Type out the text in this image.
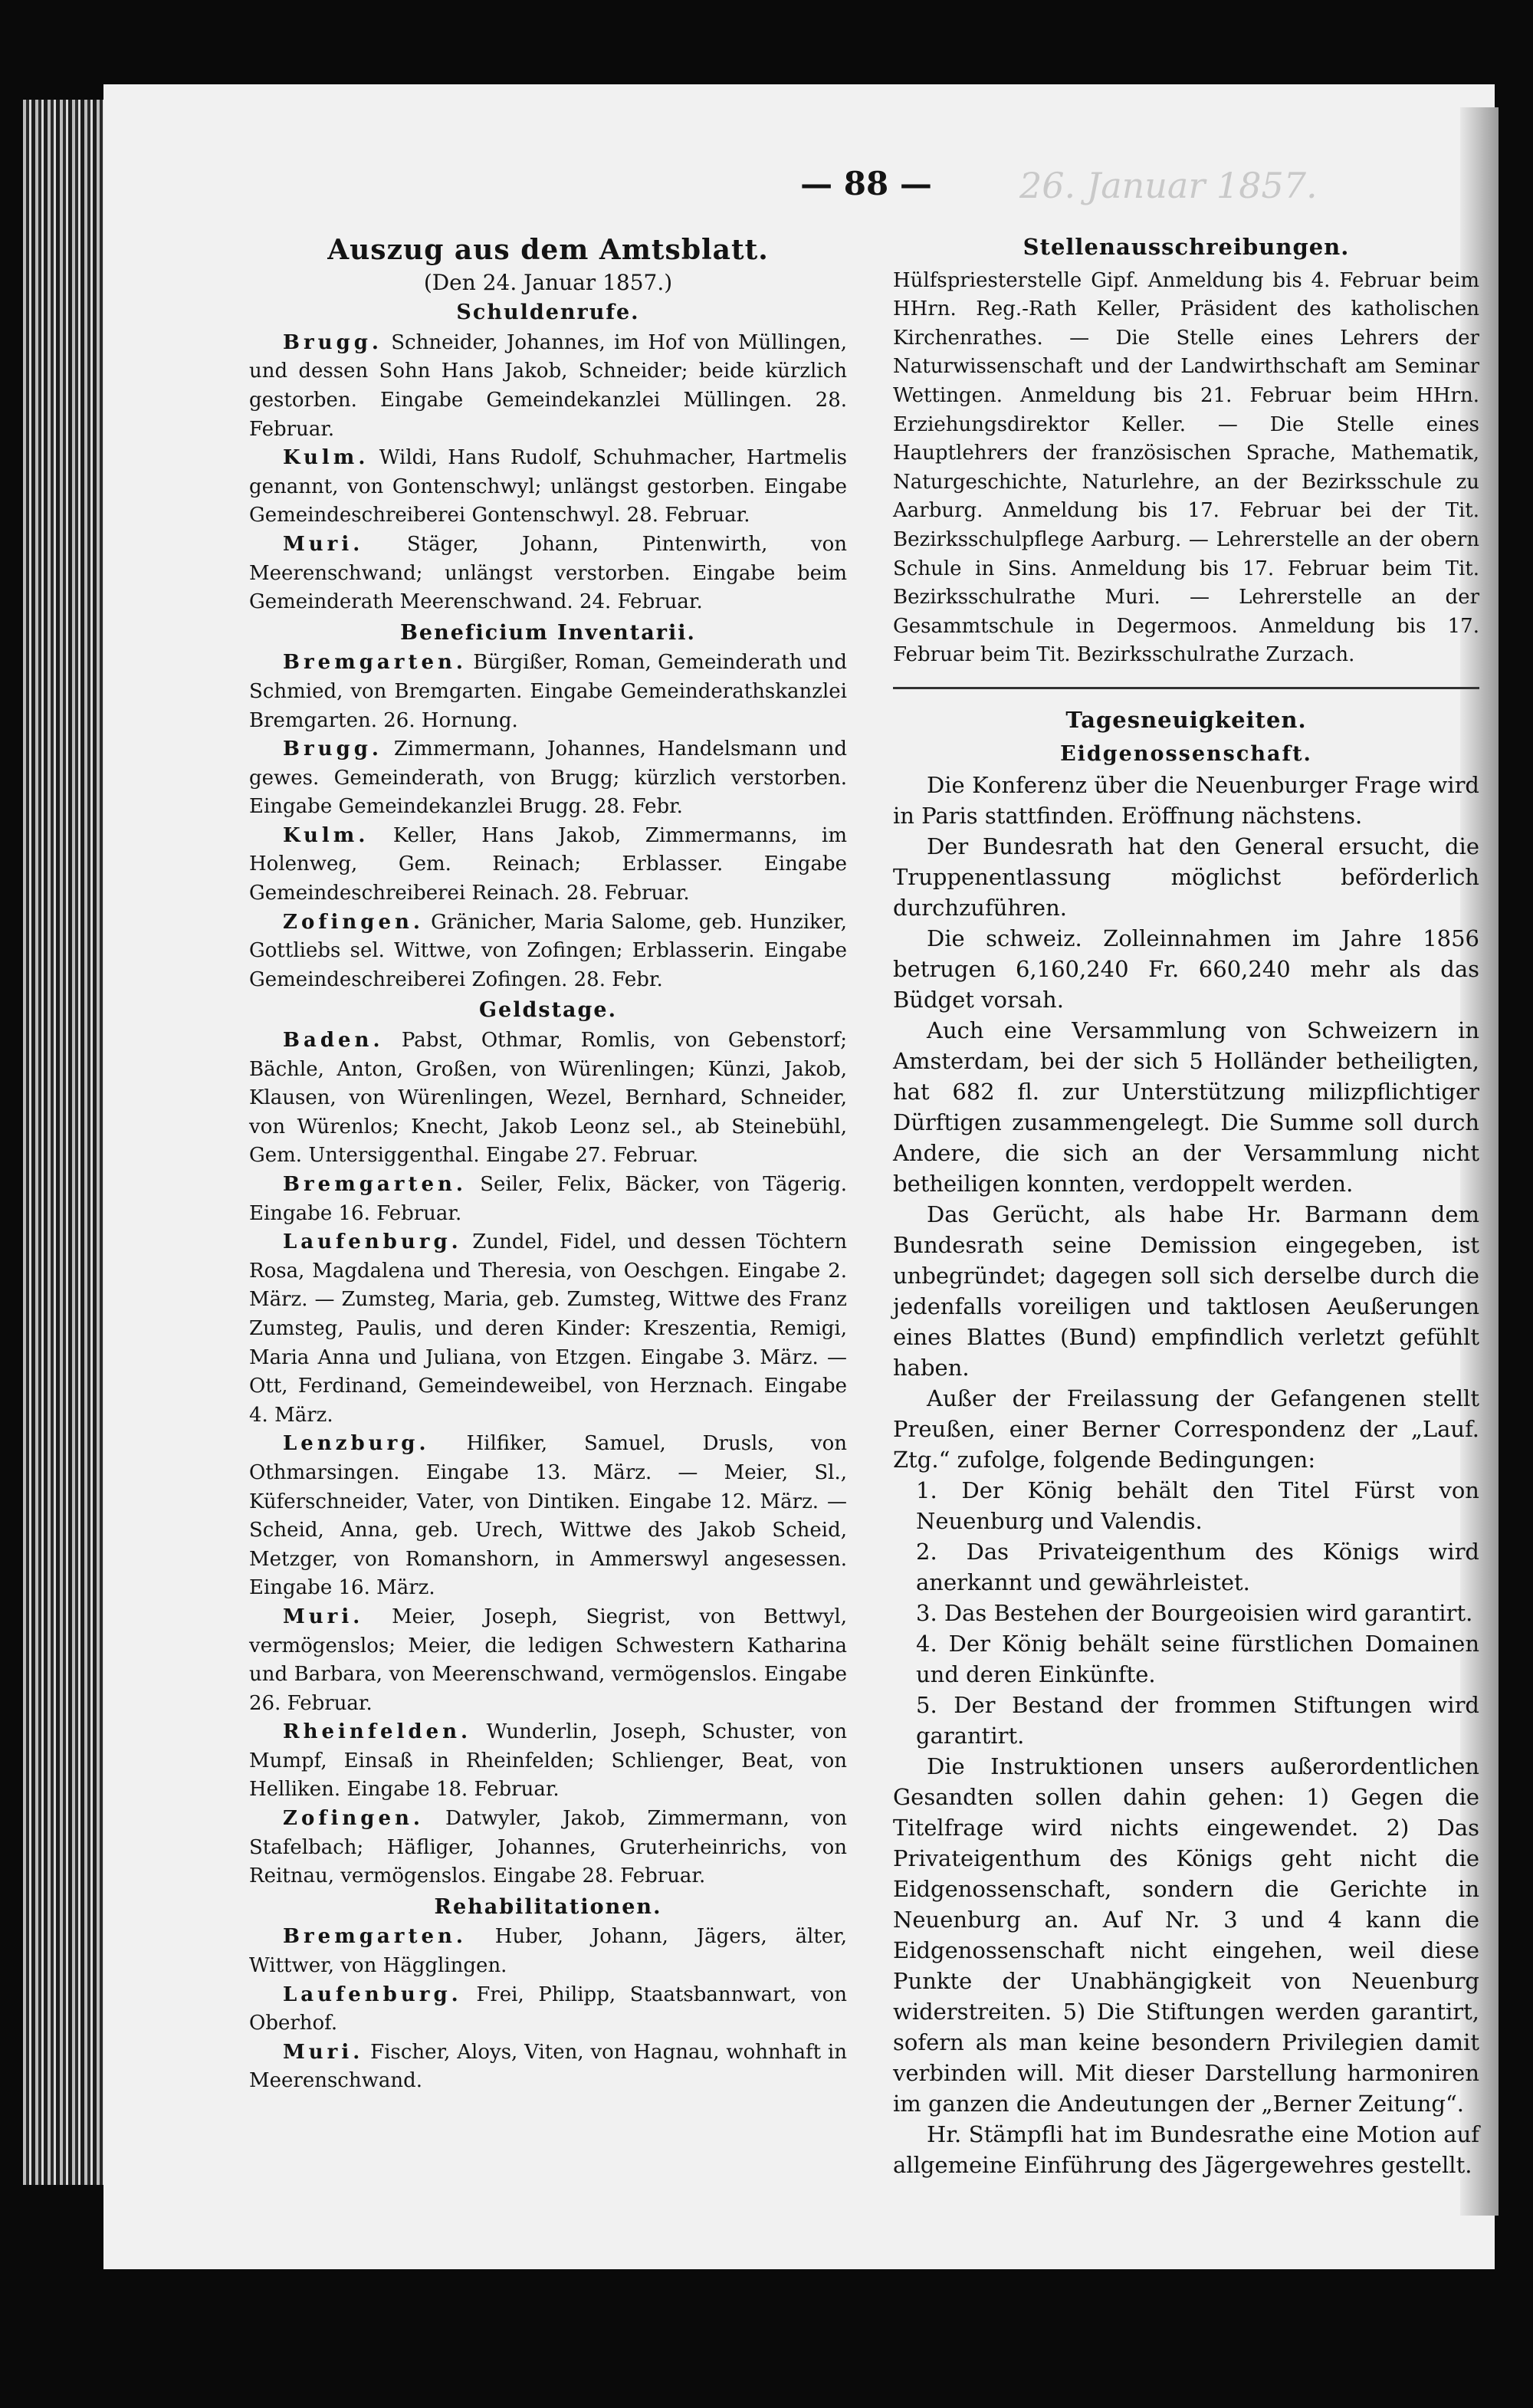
26. Januar 1857.
— 88 —
Auszug aus dem Amtsblatt.
(Den 24. Januar 1857.)
Schuldenrufe.

Brugg. Schneider, Johannes, im Hof von Müllingen, und dessen Sohn Hans Jakob, Schneider; beide kürzlich gestorben. Eingabe Gemeindekanzlei Müllingen. 28. Februar.

Kulm. Wildi, Hans Rudolf, Schuhmacher, Hartmelis genannt, von Gontenschwyl; unlängst gestorben. Eingabe Gemeindeschreiberei Gontenschwyl. 28. Februar.

Muri. Stäger, Johann, Pintenwirth, von Meerenschwand; unlängst verstorben. Eingabe beim Gemeinderath Meerenschwand. 24. Februar.

Beneficium Inventarii.

Bremgarten. Bürgißer, Roman, Gemeinderath und Schmied, von Bremgarten. Eingabe Gemeinderathskanzlei Bremgarten. 26. Hornung.

Brugg. Zimmermann, Johannes, Handelsmann und gewes. Gemeinderath, von Brugg; kürzlich verstorben. Eingabe Gemeindekanzlei Brugg. 28. Febr.

Kulm. Keller, Hans Jakob, Zimmermanns, im Holenweg, Gem. Reinach; Erblasser. Eingabe Gemeindeschreiberei Reinach. 28. Februar.

Zofingen. Gränicher, Maria Salome, geb. Hunziker, Gottliebs sel. Wittwe, von Zofingen; Erblasserin. Eingabe Gemeindeschreiberei Zofingen. 28. Febr.

Geldstage.

Baden. Pabst, Othmar, Romlis, von Gebenstorf; Bächle, Anton, Großen, von Würenlingen; Künzi, Jakob, Klausen, von Würenlingen, Wezel, Bernhard, Schneider, von Würenlos; Knecht, Jakob Leonz sel., ab Steinebühl, Gem. Untersiggenthal. Eingabe 27. Februar.

Bremgarten. Seiler, Felix, Bäcker, von Tägerig. Eingabe 16. Februar.

Laufenburg. Zundel, Fidel, und dessen Töchtern Rosa, Magdalena und Theresia, von Oeschgen. Eingabe 2. März. — Zumsteg, Maria, geb. Zumsteg, Wittwe des Franz Zumsteg, Paulis, und deren Kinder: Kreszentia, Remigi, Maria Anna und Juliana, von Etzgen. Eingabe 3. März. — Ott, Ferdinand, Gemeindeweibel, von Herznach. Eingabe 4. März.

Lenzburg. Hilfiker, Samuel, Drusls, von Othmarsingen. Eingabe 13. März. — Meier, Sl., Küferschneider, Vater, von Dintiken. Eingabe 12. März. — Scheid, Anna, geb. Urech, Wittwe des Jakob Scheid, Metzger, von Romanshorn, in Ammerswyl angesessen. Eingabe 16. März.

Muri. Meier, Joseph, Siegrist, von Bettwyl, vermögenslos; Meier, die ledigen Schwestern Katharina und Barbara, von Meerenschwand, vermögenslos. Eingabe 26. Februar.

Rheinfelden. Wunderlin, Joseph, Schuster, von Mumpf, Einsaß in Rheinfelden; Schlienger, Beat, von Helliken. Eingabe 18. Februar.

Zofingen. Datwyler, Jakob, Zimmermann, von Stafelbach; Häfliger, Johannes, Gruterheinrichs, von Reitnau, vermögenslos. Eingabe 28. Februar.

Rehabilitationen.

Bremgarten. Huber, Johann, Jägers, älter, Wittwer, von Hägglingen.

Laufenburg. Frei, Philipp, Staatsbannwart, von Oberhof.

Muri. Fischer, Aloys, Viten, von Hagnau, wohnhaft in Meerenschwand.

Stellenausschreibungen.

Hülfspriesterstelle Gipf. Anmeldung bis 4. Februar beim HHrn. Reg.-Rath Keller, Präsident des katholischen Kirchenrathes. — Die Stelle eines Lehrers der Naturwissenschaft und der Landwirthschaft am Seminar Wettingen. Anmeldung bis 21. Februar beim HHrn. Erziehungsdirektor Keller. — Die Stelle eines Hauptlehrers der französischen Sprache, Mathematik, Naturgeschichte, Naturlehre, an der Bezirksschule zu Aarburg. Anmeldung bis 17. Februar bei der Tit. Bezirksschulpflege Aarburg. — Lehrerstelle an der obern Schule in Sins. Anmeldung bis 17. Februar beim Tit. Bezirksschulrathe Muri. — Lehrerstelle an der Gesammtschule in Degermoos. Anmeldung bis 17. Februar beim Tit. Bezirksschulrathe Zurzach.

Tagesneuigkeiten.
Eidgenossenschaft.

Die Konferenz über die Neuenburger Frage wird in Paris stattfinden. Eröffnung nächstens.

Der Bundesrath hat den General ersucht, die Truppenentlassung möglichst beförderlich durchzuführen.

Die schweiz. Zolleinnahmen im Jahre 1856 betrugen 6,160,240 Fr. 660,240 mehr als das Büdget vorsah.

Auch eine Versammlung von Schweizern in Amsterdam, bei der sich 5 Holländer betheiligten, hat 682 fl. zur Unterstützung milizpflichtiger Dürftigen zusammengelegt. Die Summe soll durch Andere, die sich an der Versammlung nicht betheiligen konnten, verdoppelt werden.

Das Gerücht, als habe Hr. Barmann dem Bundesrath seine Demission eingegeben, ist unbegründet; dagegen soll sich derselbe durch die jedenfalls voreiligen und taktlosen Aeußerungen eines Blattes (Bund) empfindlich verletzt gefühlt haben.

Außer der Freilassung der Gefangenen stellt Preußen, einer Berner Correspondenz der „Lauf. Ztg.“ zufolge, folgende Bedingungen:

1. Der König behält den Titel Fürst von Neuenburg und Valendis.

2. Das Privateigenthum des Königs wird anerkannt und gewährleistet.

3. Das Bestehen der Bourgeoisien wird garantirt.

4. Der König behält seine fürstlichen Domainen und deren Einkünfte.

5. Der Bestand der frommen Stiftungen wird garantirt.

Die Instruktionen unsers außerordentlichen Gesandten sollen dahin gehen: 1) Gegen die Titelfrage wird nichts eingewendet. 2) Das Privateigenthum des Königs geht nicht die Eidgenossenschaft, sondern die Gerichte in Neuenburg an. Auf Nr. 3 und 4 kann die Eidgenossenschaft nicht eingehen, weil diese Punkte der Unabhängigkeit von Neuenburg widerstreiten. 5) Die Stiftungen werden garantirt, sofern als man keine besondern Privilegien damit verbinden will. Mit dieser Darstellung harmoniren im ganzen die Andeutungen der „Berner Zeitung“.

Hr. Stämpfli hat im Bundesrathe eine Motion auf allgemeine Einführung des Jägergewehres gestellt.
